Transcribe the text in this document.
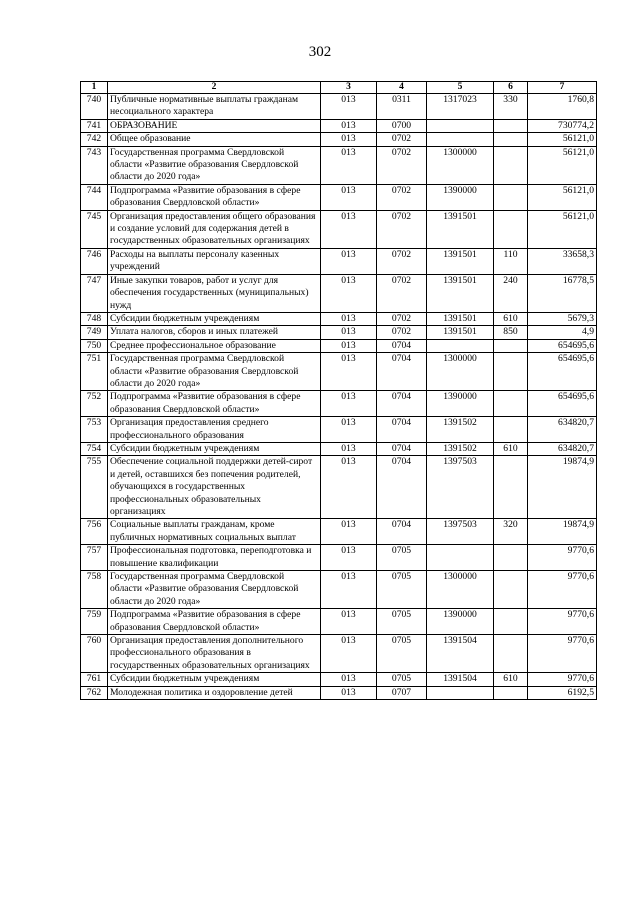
302
1	2	3	4	5	6	7
740	Публичные нормативные выплаты гражданам несоциального характера	013	0311	1317023	330	1760,8
741	ОБРАЗОВАНИЕ	013	0700			730774,2
742	Общее образование	013	0702			56121,0
743	Государственная программа Свердловской области «Развитие образования Свердловской области до 2020 года»	013	0702	1300000		56121,0
744	Подпрограмма «Развитие образования в сфере образования Свердловской области»	013	0702	1390000		56121,0
745	Организация предоставления общего образования и создание условий для содержания детей в государственных образовательных организациях	013	0702	1391501		56121,0
746	Расходы на выплаты персоналу казенных учреждений	013	0702	1391501	110	33658,3
747	Иные закупки товаров, работ и услуг для обеспечения государственных (муниципальных) нужд	013	0702	1391501	240	16778,5
748	Субсидии бюджетным учреждениям	013	0702	1391501	610	5679,3
749	Уплата налогов, сборов и иных платежей	013	0702	1391501	850	4,9
750	Среднее профессиональное образование	013	0704			654695,6
751	Государственная программа Свердловской области «Развитие образования Свердловской области до 2020 года»	013	0704	1300000		654695,6
752	Подпрограмма «Развитие образования в сфере образования Свердловской области»	013	0704	1390000		654695,6
753	Организация предоставления среднего профессионального образования	013	0704	1391502		634820,7
754	Субсидии бюджетным учреждениям	013	0704	1391502	610	634820,7
755	Обеспечение социальной поддержки детей-сирот и детей, оставшихся без попечения родителей, обучающихся в государственных профессиональных образовательных организациях	013	0704	1397503		19874,9
756	Социальные выплаты гражданам, кроме публичных нормативных социальных выплат	013	0704	1397503	320	19874,9
757	Профессиональная подготовка, переподготовка и повышение квалификации	013	0705			9770,6
758	Государственная программа Свердловской области «Развитие образования Свердловской области до 2020 года»	013	0705	1300000		9770,6
759	Подпрограмма «Развитие образования в сфере образования Свердловской области»	013	0705	1390000		9770,6
760	Организация предоставления дополнительного профессионального образования в государственных образовательных организациях	013	0705	1391504		9770,6
761	Субсидии бюджетным учреждениям	013	0705	1391504	610	9770,6
762	Молодежная политика и оздоровление детей	013	0707			6192,5
